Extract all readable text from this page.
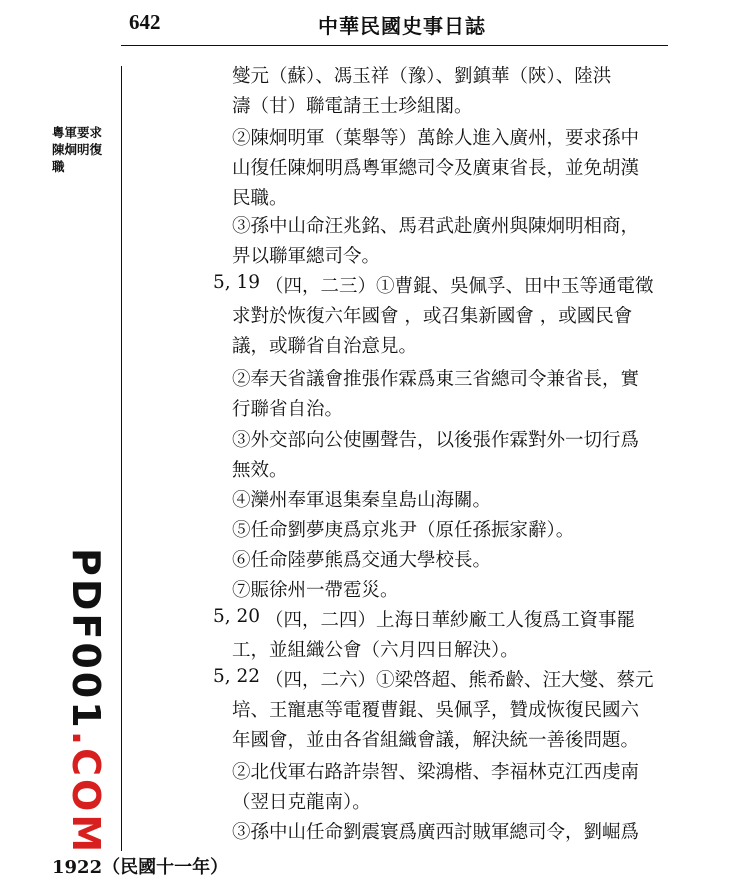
642	中華民國史事日誌
粵軍要求
陳炯明復
職
PDF001.COM
燮元（蘇）、馮玉祥（豫）、劉鎮華（陝）、陸洪
濤（甘）聯電請王士珍組閣。
②陳炯明軍（葉舉等）萬餘人進入廣州，要求孫中
山復任陳炯明爲粵軍總司令及廣東省長，並免胡漢
民職。
③孫中山命汪兆銘、馬君武赴廣州與陳炯明相商，
畀以聯軍總司令。
5, 19 （四，二三）①曹錕、吳佩孚、田中玉等通電徵
求對於恢復六年國會 ，或召集新國會 ，或國民會
議，或聯省自治意見。
②奉天省議會推張作霖爲東三省總司令兼省長，實
行聯省自治。
③外交部向公使團聲告，以後張作霖對外一切行爲
無效。
④灤州奉軍退集秦皇島山海關。
⑤任命劉夢庚爲京兆尹（原任孫振家辭）。
⑥任命陸夢熊爲交通大學校長。
⑦賑徐州一帶雹災。
5, 20 （四，二四）上海日華紗廠工人復爲工資事罷
工，並組織公會（六月四日解決）。
5, 22 （四，二六）①梁啓超、熊希齡、汪大燮、蔡元
培、王寵惠等電覆曹錕、吳佩孚，贊成恢復民國六
年國會，並由各省組織會議，解決統一善後問題。
②北伐軍右路許崇智、梁鴻楷、李福林克江西虔南
（翌日克龍南）。
③孫中山任命劉震寰爲廣西討賊軍總司令，劉崛爲
1922（民國十一年）
